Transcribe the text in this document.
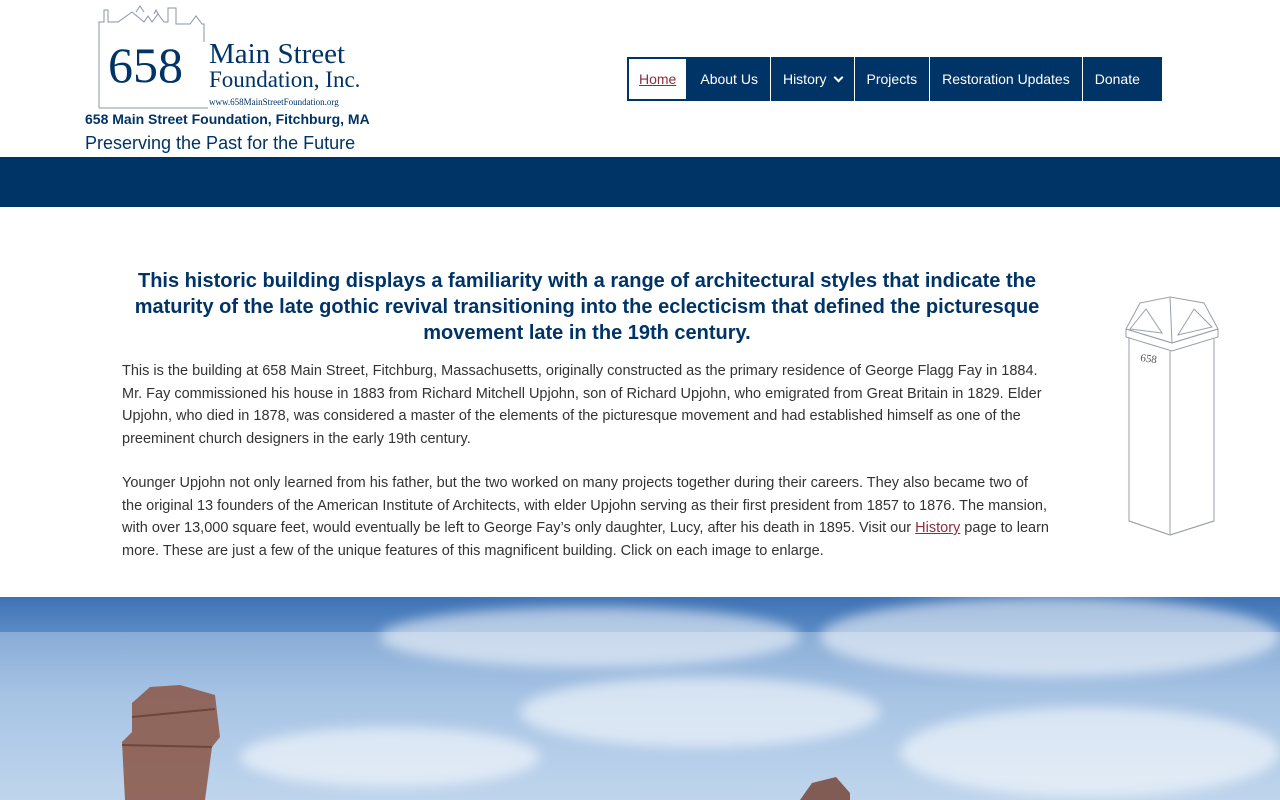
658 Main Street
Foundation, Inc.
www.658MainStreetFoundation.org
658 Main Street Foundation, Fitchburg, MA
Preserving the Past for the Future
Home About Us History	Projects Restoration Updates Donate
This historic building displays a familiarity with a range of architectural styles that indicate the maturity of the late gothic revival transitioning into the eclecticism that defined the picturesque movement late in the 19th century.

This is the building at 658 Main Street, Fitchburg, Massachusetts, originally constructed as the primary residence of George Flagg Fay in 1884. Mr. Fay commissioned his house in 1883 from Richard Mitchell Upjohn, son of Richard Upjohn, who emigrated from Great Britain in 1829. Elder Upjohn, who died in 1878, was considered a master of the elements of the picturesque movement and had established himself as one of the preeminent church designers in the early 19th century.

Younger Upjohn not only learned from his father, but the two worked on many projects together during their careers. They also became two of the original 13 founders of the American Institute of Architects, with elder Upjohn serving as their first president from 1857 to 1876. The mansion, with over 13,000 square feet, would eventually be left to George Fay’s only daughter, Lucy, after his death in 1895. Visit our History page to learn more. These are just a few of the unique features of this magnificent building. Click on each image to enlarge.

658
